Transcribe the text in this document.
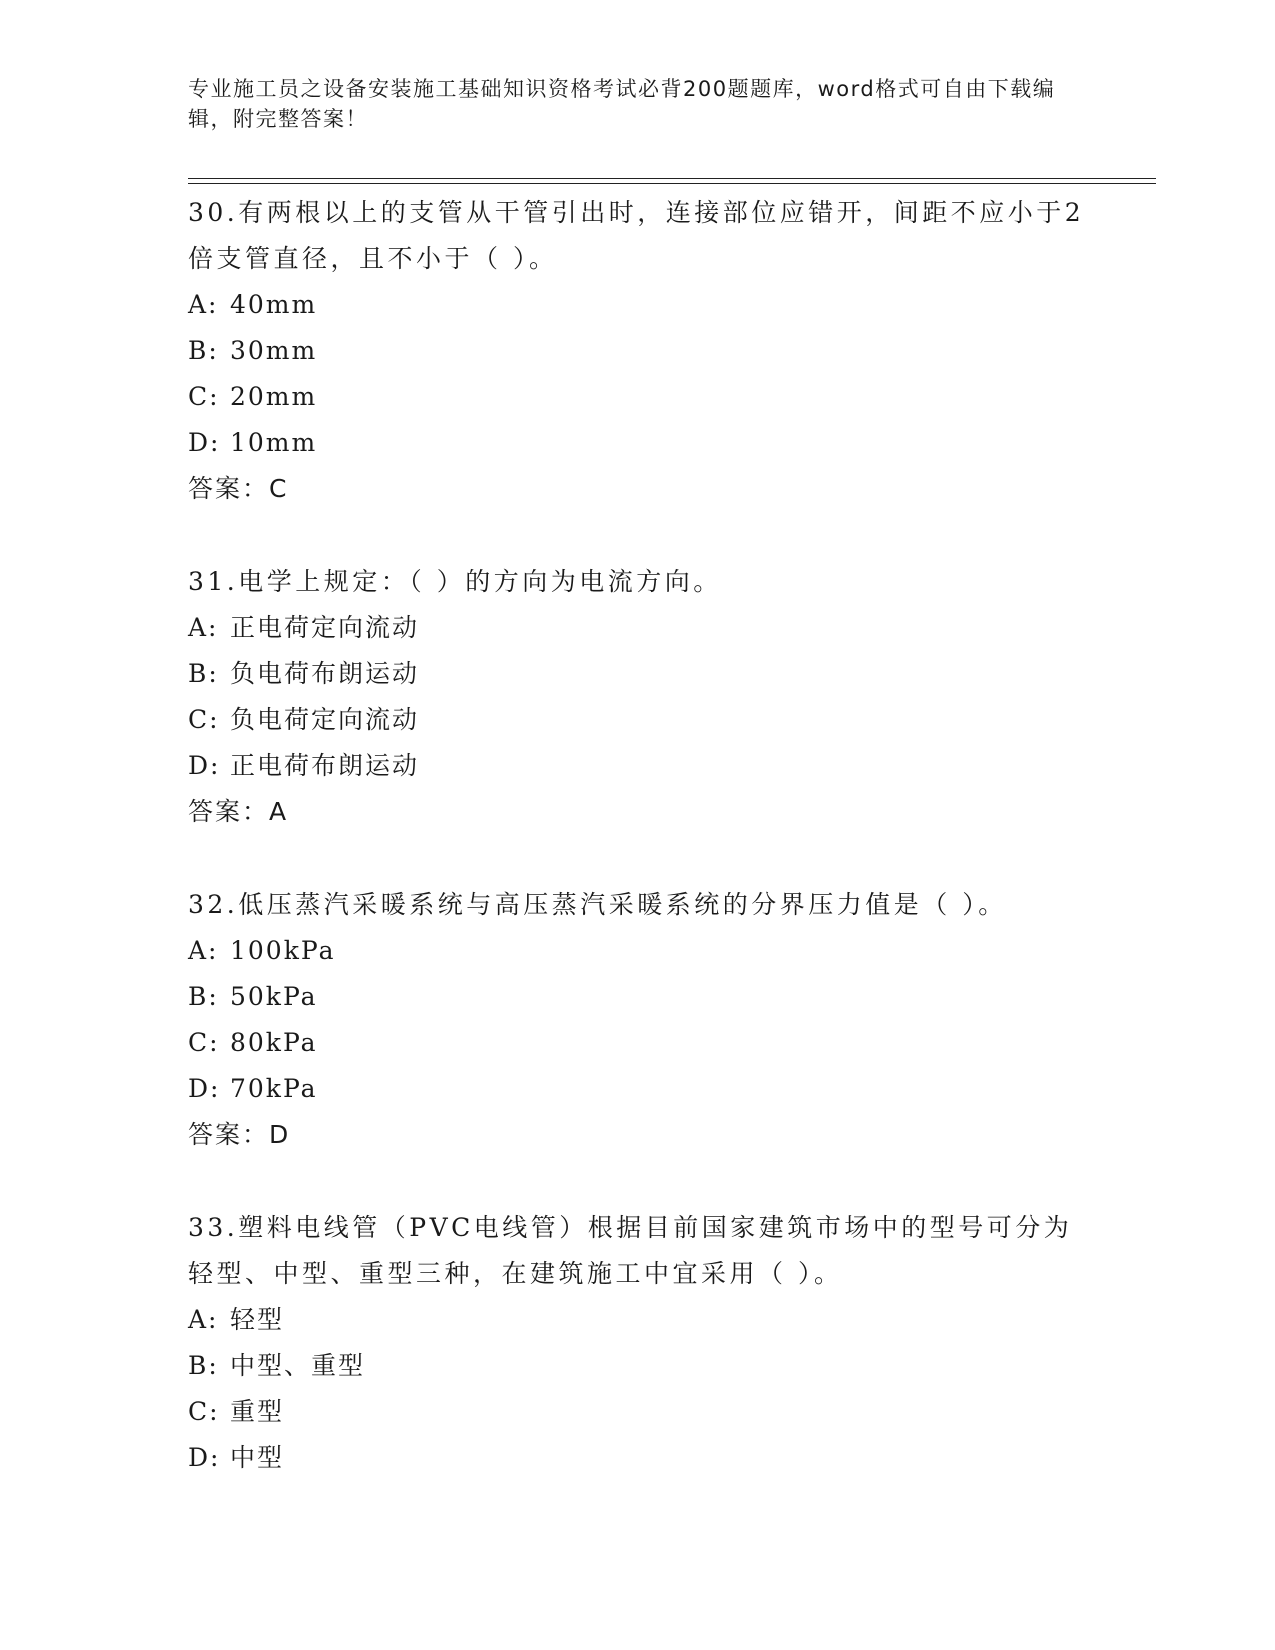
专业施工员之设备安装施工基础知识资格考试必背200题题库，word格式可自由下载编辑，附完整答案！

30.有两根以上的支管从干管引出时，连接部位应错开，间距不应小于2倍支管直径，且不小于（ ）。

A: 40mm

B: 30mm

C: 20mm

D: 10mm

答案：C

31.电学上规定：（ ）的方向为电流方向。

A: 正电荷定向流动

B: 负电荷布朗运动

C: 负电荷定向流动

D: 正电荷布朗运动

答案：A

32.低压蒸汽采暖系统与高压蒸汽采暖系统的分界压力值是（ ）。

A: 100kPa

B: 50kPa

C: 80kPa

D: 70kPa

答案：D

33.塑料电线管（PVC电线管）根据目前国家建筑市场中的型号可分为轻型、中型、重型三种，在建筑施工中宜采用（ ）。

A: 轻型

B: 中型、重型

C: 重型

D: 中型
